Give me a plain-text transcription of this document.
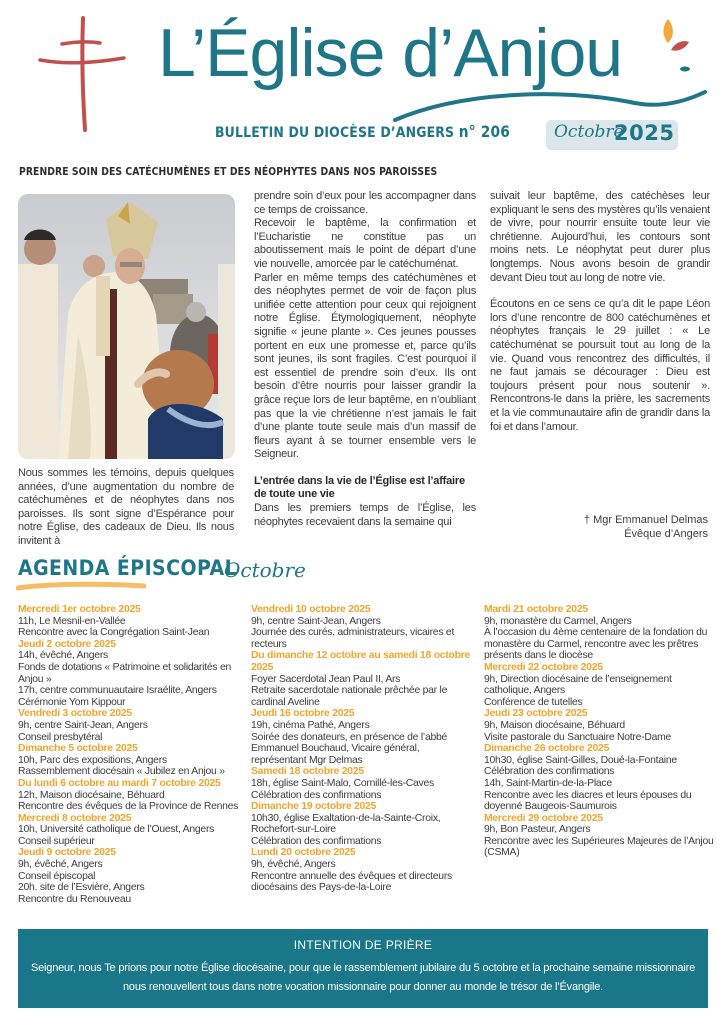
L’Église d’Anjou
BULLETIN DU DIOCÈSE D’ANGERS n° 206	Octobre
2025
PRENDRE SOIN DES CATÉCHUMÈNES ET DES NÉOPHYTES DANS NOS PAROISSES

Nous sommes les témoins, depuis quelques années, d’une augmentation du nombre de catéchumènes et de néophytes dans nos paroisses. Ils sont signe d’Espérance pour notre Église, des cadeaux de Dieu. Ils nous invitent à

prendre soin d’eux pour les accompagner dans ce temps de croissance.

Recevoir le baptême, la confirmation et l’Eucharistie ne constitue pas un aboutissement mais le point de départ d’une vie nouvelle, amorcée par le catéchuménat.

Parler en même temps des catéchumènes et des néophytes permet de voir de façon plus unifiée cette attention pour ceux qui rejoignent notre Église. Étymologiquement, néophyte signifie « jeune plante ». Ces jeunes pousses portent en eux une promesse et, parce qu’ils sont jeunes, ils sont fragiles. C’est pourquoi il est essentiel de prendre soin d’eux. Ils ont besoin d’être nourris pour laisser grandir la grâce reçue lors de leur baptême, en n’oubliant pas que la vie chrétienne n’est jamais le fait d’une plante toute seule mais d’un massif de fleurs ayant à se tourner ensemble vers le Seigneur.

L’entrée dans la vie de l’Église est l’affaire de toute une vie

Dans les premiers temps de l’Église, les néophytes recevaient dans la semaine qui

suivait leur baptême, des catéchèses leur expliquant le sens des mystères qu’ils venaient de vivre, pour nourrir ensuite toute leur vie chrétienne. Aujourd’hui, les contours sont moins nets. Le néophytat peut durer plus longtemps. Nous avons besoin de grandir devant Dieu tout au long de notre vie.

Écoutons en ce sens ce qu’a dit le pape Léon lors d’une rencontre de 800 catéchumènes et néophytes français le 29 juillet : « Le catéchuménat se poursuit tout au long de la vie. Quand vous rencontrez des difficultés, il ne faut jamais se décourager : Dieu est toujours présent pour nous soutenir ». Rencontrons-le dans la prière, les sacrements et la vie communautaire afin de grandir dans la foi et dans l’amour.

† Mgr Emmanuel Delmas
Évêque d’Angers
AGENDA ÉPISCOPAL
Octobre
Mercredi 1er octobre 2025
11h, Le Mesnil-en-Vallée
Rencontre avec la Congrégation Saint-Jean
Jeudi 2 octobre 2025
14h, évêché, Angers
Fonds de dotations « Patrimoine et solidarités en Anjou »
17h, centre communuautaire Israélite, Angers
Cérémonie Yom Kippour
Vendredi 3 octobre 2025
9h, centre Saint-Jean, Angers
Conseil presbytéral
Dimanche 5 octobre 2025
10h, Parc des expositions, Angers
Rassemblement diocésain « Jubilez en Anjou »
Du lundi 6 octobre au mardi 7 octobre 2025
12h, Maison diocésaine, Béhuard
Rencontre des évêques de la Province de Rennes
Mercredi 8 octobre 2025
10h, Université catholique de l’Ouest, Angers
Conseil supérieur
Jeudi 9 octobre 2025
9h, évêché, Angers
Conseil épiscopal
20h. site de l’Esvière, Angers
Rencontre du Renouveau
Vendredi 10 octobre 2025
9h, centre Saint-Jean, Angers
Journée des curés, administrateurs, vicaires et recteurs
Du dimanche 12 octobre au samedi 18 octobre 2025
Foyer Sacerdotal Jean Paul II, Ars
Retraite sacerdotale nationale prêchée par le cardinal Aveline
Jeudi 16 octobre 2025
19h, cinéma Pathé, Angers
Soirée des donateurs, en présence de l’abbé Emmanuel Bouchaud, Vicaire général, représentant Mgr Delmas
Samedi 18 octobre 2025
18h, église Saint-Malo, Cornillé-les-Caves
Célébration des confirmations
Dimanche 19 octobre 2025
10h30, église Exaltation-de-la-Sainte-Croix, Rochefort-sur-Loire
Célébration des confirmations
Lundi 20 octobre 2025
9h, évêché, Angers
Rencontre annuelle des évêques et directeurs diocésains des Pays-de-la-Loire
Mardi 21 octobre 2025
9h, monastère du Carmel, Angers
À l’occasion du 4ème centenaire de la fondation du monastère du Carmel, rencontre avec les prêtres présents dans le diocèse
Mercredi 22 octobre 2025
9h, Direction diocésaine de l’enseignement catholique, Angers
Conférence de tutelles
Jeudi 23 octobre 2025
9h, Maison diocésaine, Béhuard
Visite pastorale du Sanctuaire Notre-Dame
Dimanche 26 octobre 2025
10h30, église Saint-Gilles, Doué-la-Fontaine
Célébration des confirmations
14h, Saint-Martin-de-la-Place
Rencontre avec les diacres et leurs épouses du doyenné Baugeois-Saumurois
Mercredi 29 octobre 2025
9h, Bon Pasteur, Angers
Rencontre avec les Supérieures Majeures de l’Anjou (CSMA)
INTENTION DE PRIÈRE
Seigneur, nous Te prions pour notre Église diocésaine, pour que le rassemblement jubilaire du 5 octobre et la prochaine semaine missionnaire nous renouvellent tous dans notre vocation missionnaire pour donner au monde le trésor de l’Évangile.
